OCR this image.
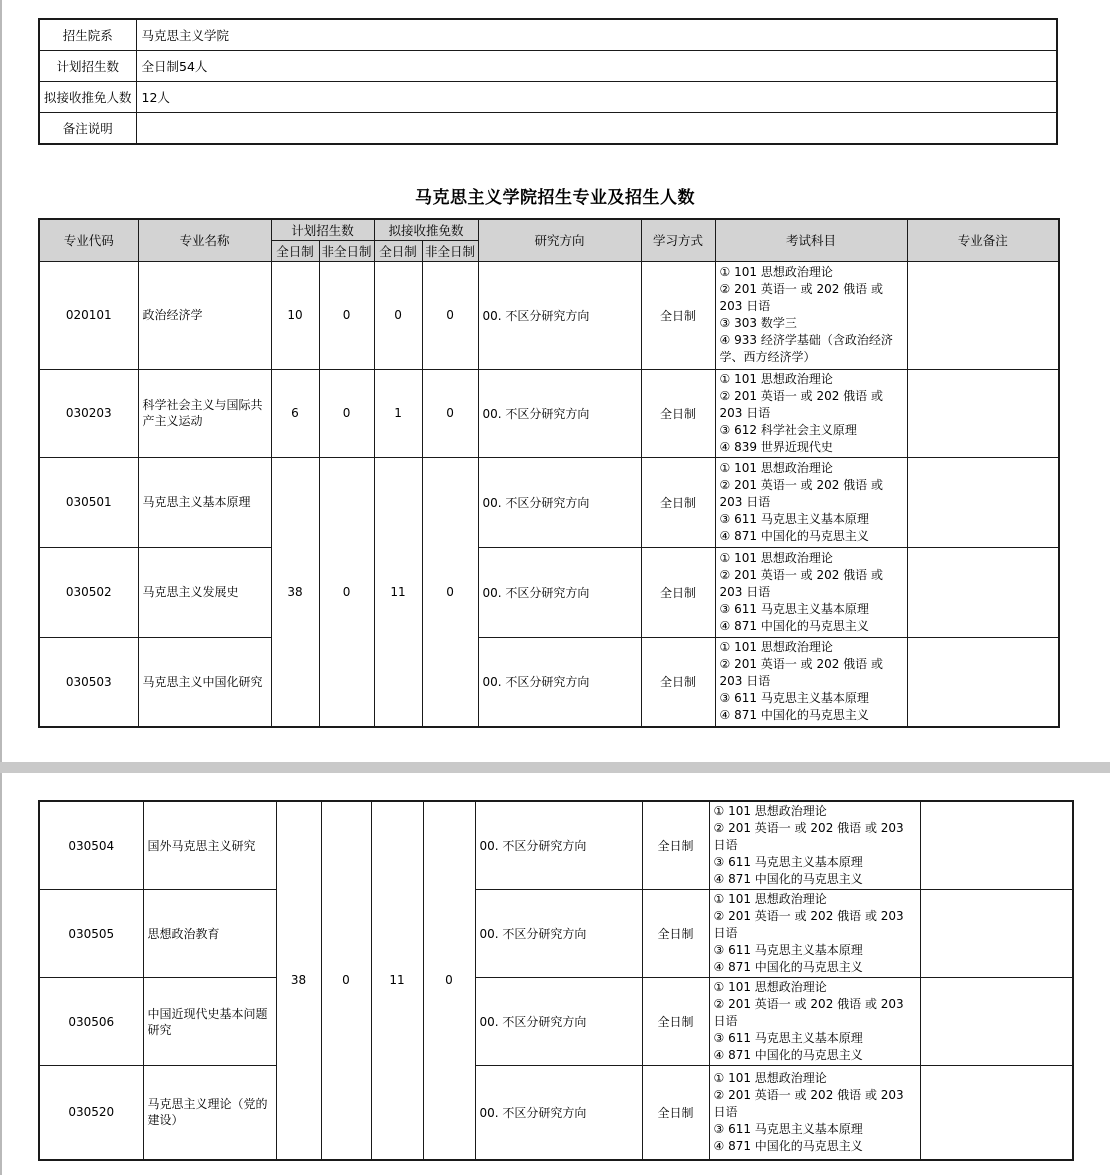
招生院系	马克思主义学院
计划招生数	全日制54人
拟接收推免人数	12人
备注说明	
马克思主义学院招生专业及招生人数
专业代码	专业名称	计划招生数		拟接收推免数		研究方向	学习方式	考试科目	专业备注
		全日制	非全日制	全日制	非全日制				
020101	政治经济学	10	0	0	0	00. 不区分研究方向	全日制	① 101 思想政治理论
② 201 英语一 或 202 俄语 或 203 日语
③ 303 数学三
④ 933 经济学基础（含政治经济学、西方经济学）	

030203	科学社会主义与国际共产主义运动	6	0	1	0	00. 不区分研究方向	全日制	① 101 思想政治理论
② 201 英语一 或 202 俄语 或 203 日语
③ 612 科学社会主义原理
④ 839 世界近现代史	

030501	马克思主义基本原理	38	0	11	0	00. 不区分研究方向	全日制	① 101 思想政治理论
② 201 英语一 或 202 俄语 或 203 日语
③ 611 马克思主义基本原理
④ 871 中国化的马克思主义	

030502	马克思主义发展史					00. 不区分研究方向	全日制	① 101 思想政治理论
② 201 英语一 或 202 俄语 或 203 日语
③ 611 马克思主义基本原理
④ 871 中国化的马克思主义	

030503	马克思主义中国化研究					00. 不区分研究方向	全日制	① 101 思想政治理论
② 201 英语一 或 202 俄语 或 203 日语
③ 611 马克思主义基本原理
④ 871 中国化的马克思主义	

030504	国外马克思主义研究	38	0	11	0	00. 不区分研究方向	全日制	① 101 思想政治理论
② 201 英语一 或 202 俄语 或 203 日语
③ 611 马克思主义基本原理
④ 871 中国化的马克思主义	

030505	思想政治教育					00. 不区分研究方向	全日制	① 101 思想政治理论
② 201 英语一 或 202 俄语 或 203 日语
③ 611 马克思主义基本原理
④ 871 中国化的马克思主义	

030506	中国近现代史基本问题研究					00. 不区分研究方向	全日制	① 101 思想政治理论
② 201 英语一 或 202 俄语 或 203 日语
③ 611 马克思主义基本原理
④ 871 中国化的马克思主义	

030520	马克思主义理论（党的建设）					00. 不区分研究方向	全日制	① 101 思想政治理论
② 201 英语一 或 202 俄语 或 203 日语
③ 611 马克思主义基本原理
④ 871 中国化的马克思主义	
